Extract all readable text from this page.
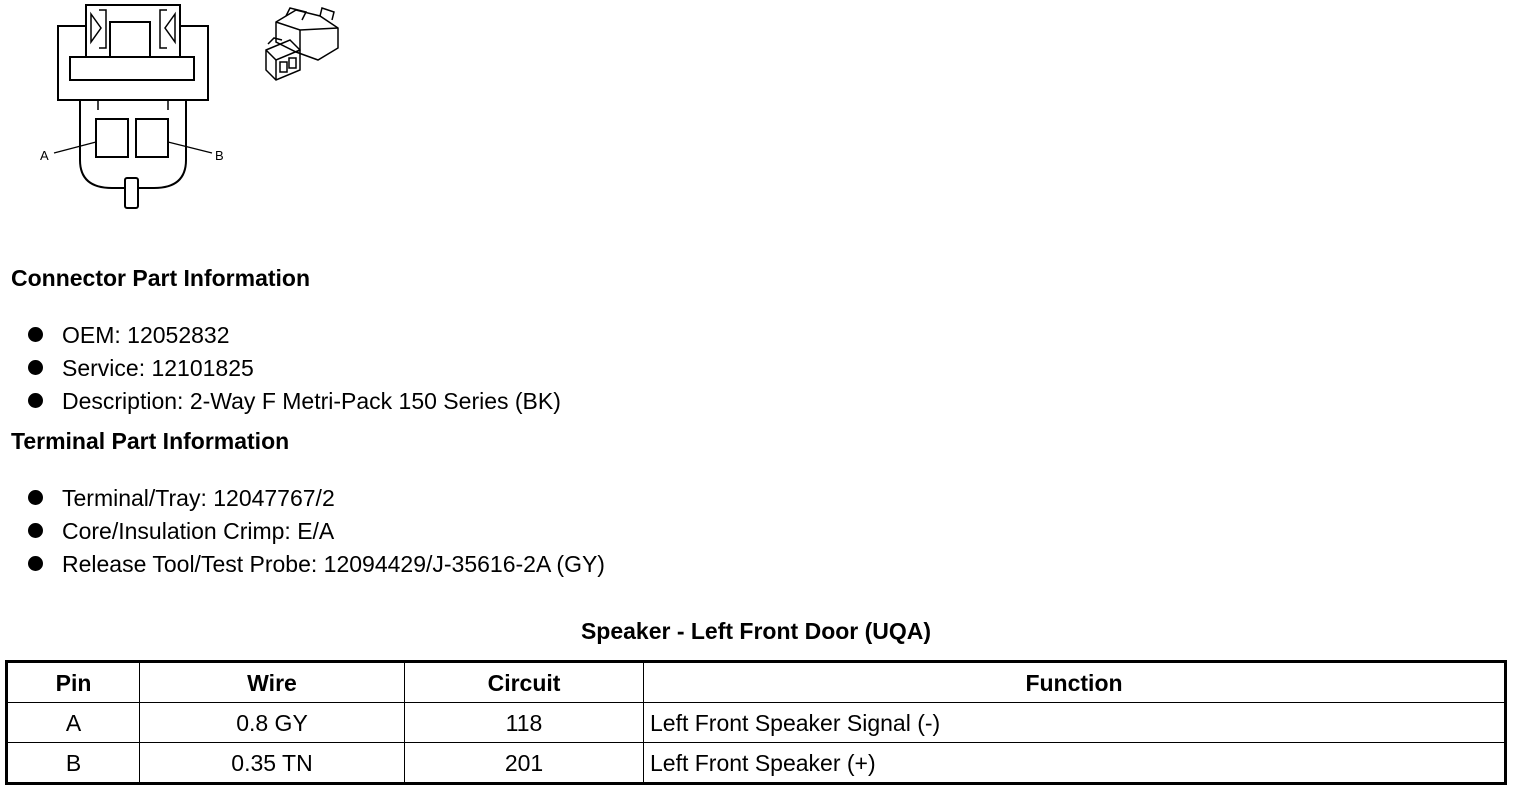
A	B
Connector Part Information
OEM: 12052832
Service: 12101825
Description: 2-Way F Metri-Pack 150 Series (BK)
Terminal Part Information
Terminal/Tray: 12047767/2
Core/Insulation Crimp: E/A
Release Tool/Test Probe: 12094429/J-35616-2A (GY)
Speaker - Left Front Door (UQA)
Pin	Wire	Circuit	Function
A	0.8 GY	118	Left Front Speaker Signal (-)
B	0.35 TN	201	Left Front Speaker (+)
